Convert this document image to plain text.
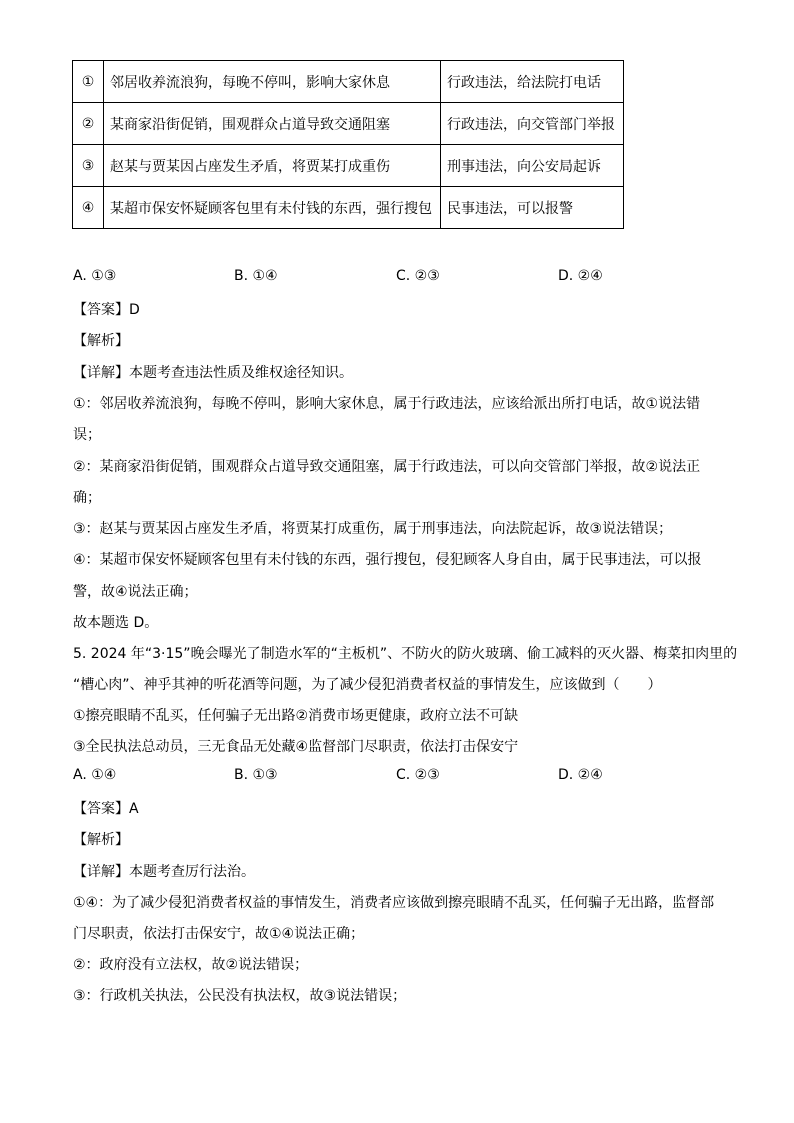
①	邻居收养流浪狗，每晚不停叫，影响大家休息	行政违法，给法院打电话
②	某商家沿街促销，围观群众占道导致交通阻塞	行政违法，向交管部门举报
③	赵某与贾某因占座发生矛盾，将贾某打成重伤	刑事违法，向公安局起诉
④	某超市保安怀疑顾客包里有未付钱的东西，强行搜包	民事违法，可以报警
A. ①③	B. ①④	C. ②③	D. ②④
【答案】D
【解析】
【详解】本题考查违法性质及维权途径知识。
①：邻居收养流浪狗，每晚不停叫，影响大家休息，属于行政违法，应该给派出所打电话，故①说法错
误；
②：某商家沿街促销，围观群众占道导致交通阻塞，属于行政违法，可以向交管部门举报，故②说法正
确；
③：赵某与贾某因占座发生矛盾，将贾某打成重伤，属于刑事违法，向法院起诉，故③说法错误；
④：某超市保安怀疑顾客包里有未付钱的东西，强行搜包，侵犯顾客人身自由，属于民事违法，可以报
警，故④说法正确；
故本题选 D。
5. 2024 年“3·15”晚会曝光了制造水军的“主板机”、不防火的防火玻璃、偷工减料的灭火器、梅菜扣肉里的
“槽心肉”、神乎其神的听花酒等问题，为了减少侵犯消费者权益的事情发生，应该做到（　　）
①擦亮眼睛不乱买，任何骗子无出路②消费市场更健康，政府立法不可缺
③全民执法总动员，三无食品无处藏④监督部门尽职责，依法打击保安宁
A. ①④	B. ①③	C. ②③	D. ②④
【答案】A
【解析】
【详解】本题考查厉行法治。
①④：为了减少侵犯消费者权益的事情发生，消费者应该做到擦亮眼睛不乱买，任何骗子无出路，监督部
门尽职责，依法打击保安宁，故①④说法正确；
②：政府没有立法权，故②说法错误；
③：行政机关执法，公民没有执法权，故③说法错误；
